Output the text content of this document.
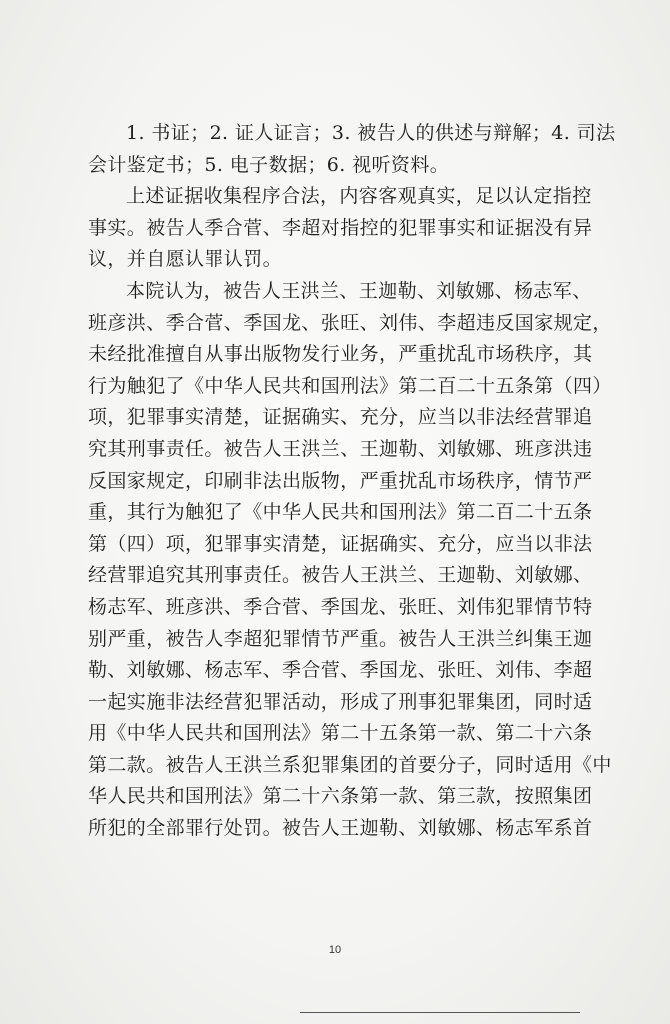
1. 书证；2. 证人证言；3. 被告人的供述与辩解；4. 司法
会计鉴定书；5. 电子数据；6. 视听资料。
上述证据收集程序合法，内容客观真实，足以认定指控
事实。被告人季合菅、李超对指控的犯罪事实和证据没有异
议，并自愿认罪认罚。
本院认为，被告人王洪兰、王迦勒、刘敏娜、杨志军、
班彦洪、季合菅、季国龙、张旺、刘伟、李超违反国家规定，
未经批准擅自从事出版物发行业务，严重扰乱市场秩序，其
行为触犯了《中华人民共和国刑法》第二百二十五条第（四）
项，犯罪事实清楚，证据确实、充分，应当以非法经营罪追
究其刑事责任。被告人王洪兰、王迦勒、刘敏娜、班彦洪违
反国家规定，印刷非法出版物，严重扰乱市场秩序，情节严
重，其行为触犯了《中华人民共和国刑法》第二百二十五条
第（四）项，犯罪事实清楚，证据确实、充分，应当以非法
经营罪追究其刑事责任。被告人王洪兰、王迦勒、刘敏娜、
杨志军、班彦洪、季合菅、季国龙、张旺、刘伟犯罪情节特
别严重，被告人李超犯罪情节严重。被告人王洪兰纠集王迦
勒、刘敏娜、杨志军、季合菅、季国龙、张旺、刘伟、李超
一起实施非法经营犯罪活动，形成了刑事犯罪集团，同时适
用《中华人民共和国刑法》第二十五条第一款、第二十六条
第二款。被告人王洪兰系犯罪集团的首要分子，同时适用《中
华人民共和国刑法》第二十六条第一款、第三款，按照集团
所犯的全部罪行处罚。被告人王迦勒、刘敏娜、杨志军系首
10
